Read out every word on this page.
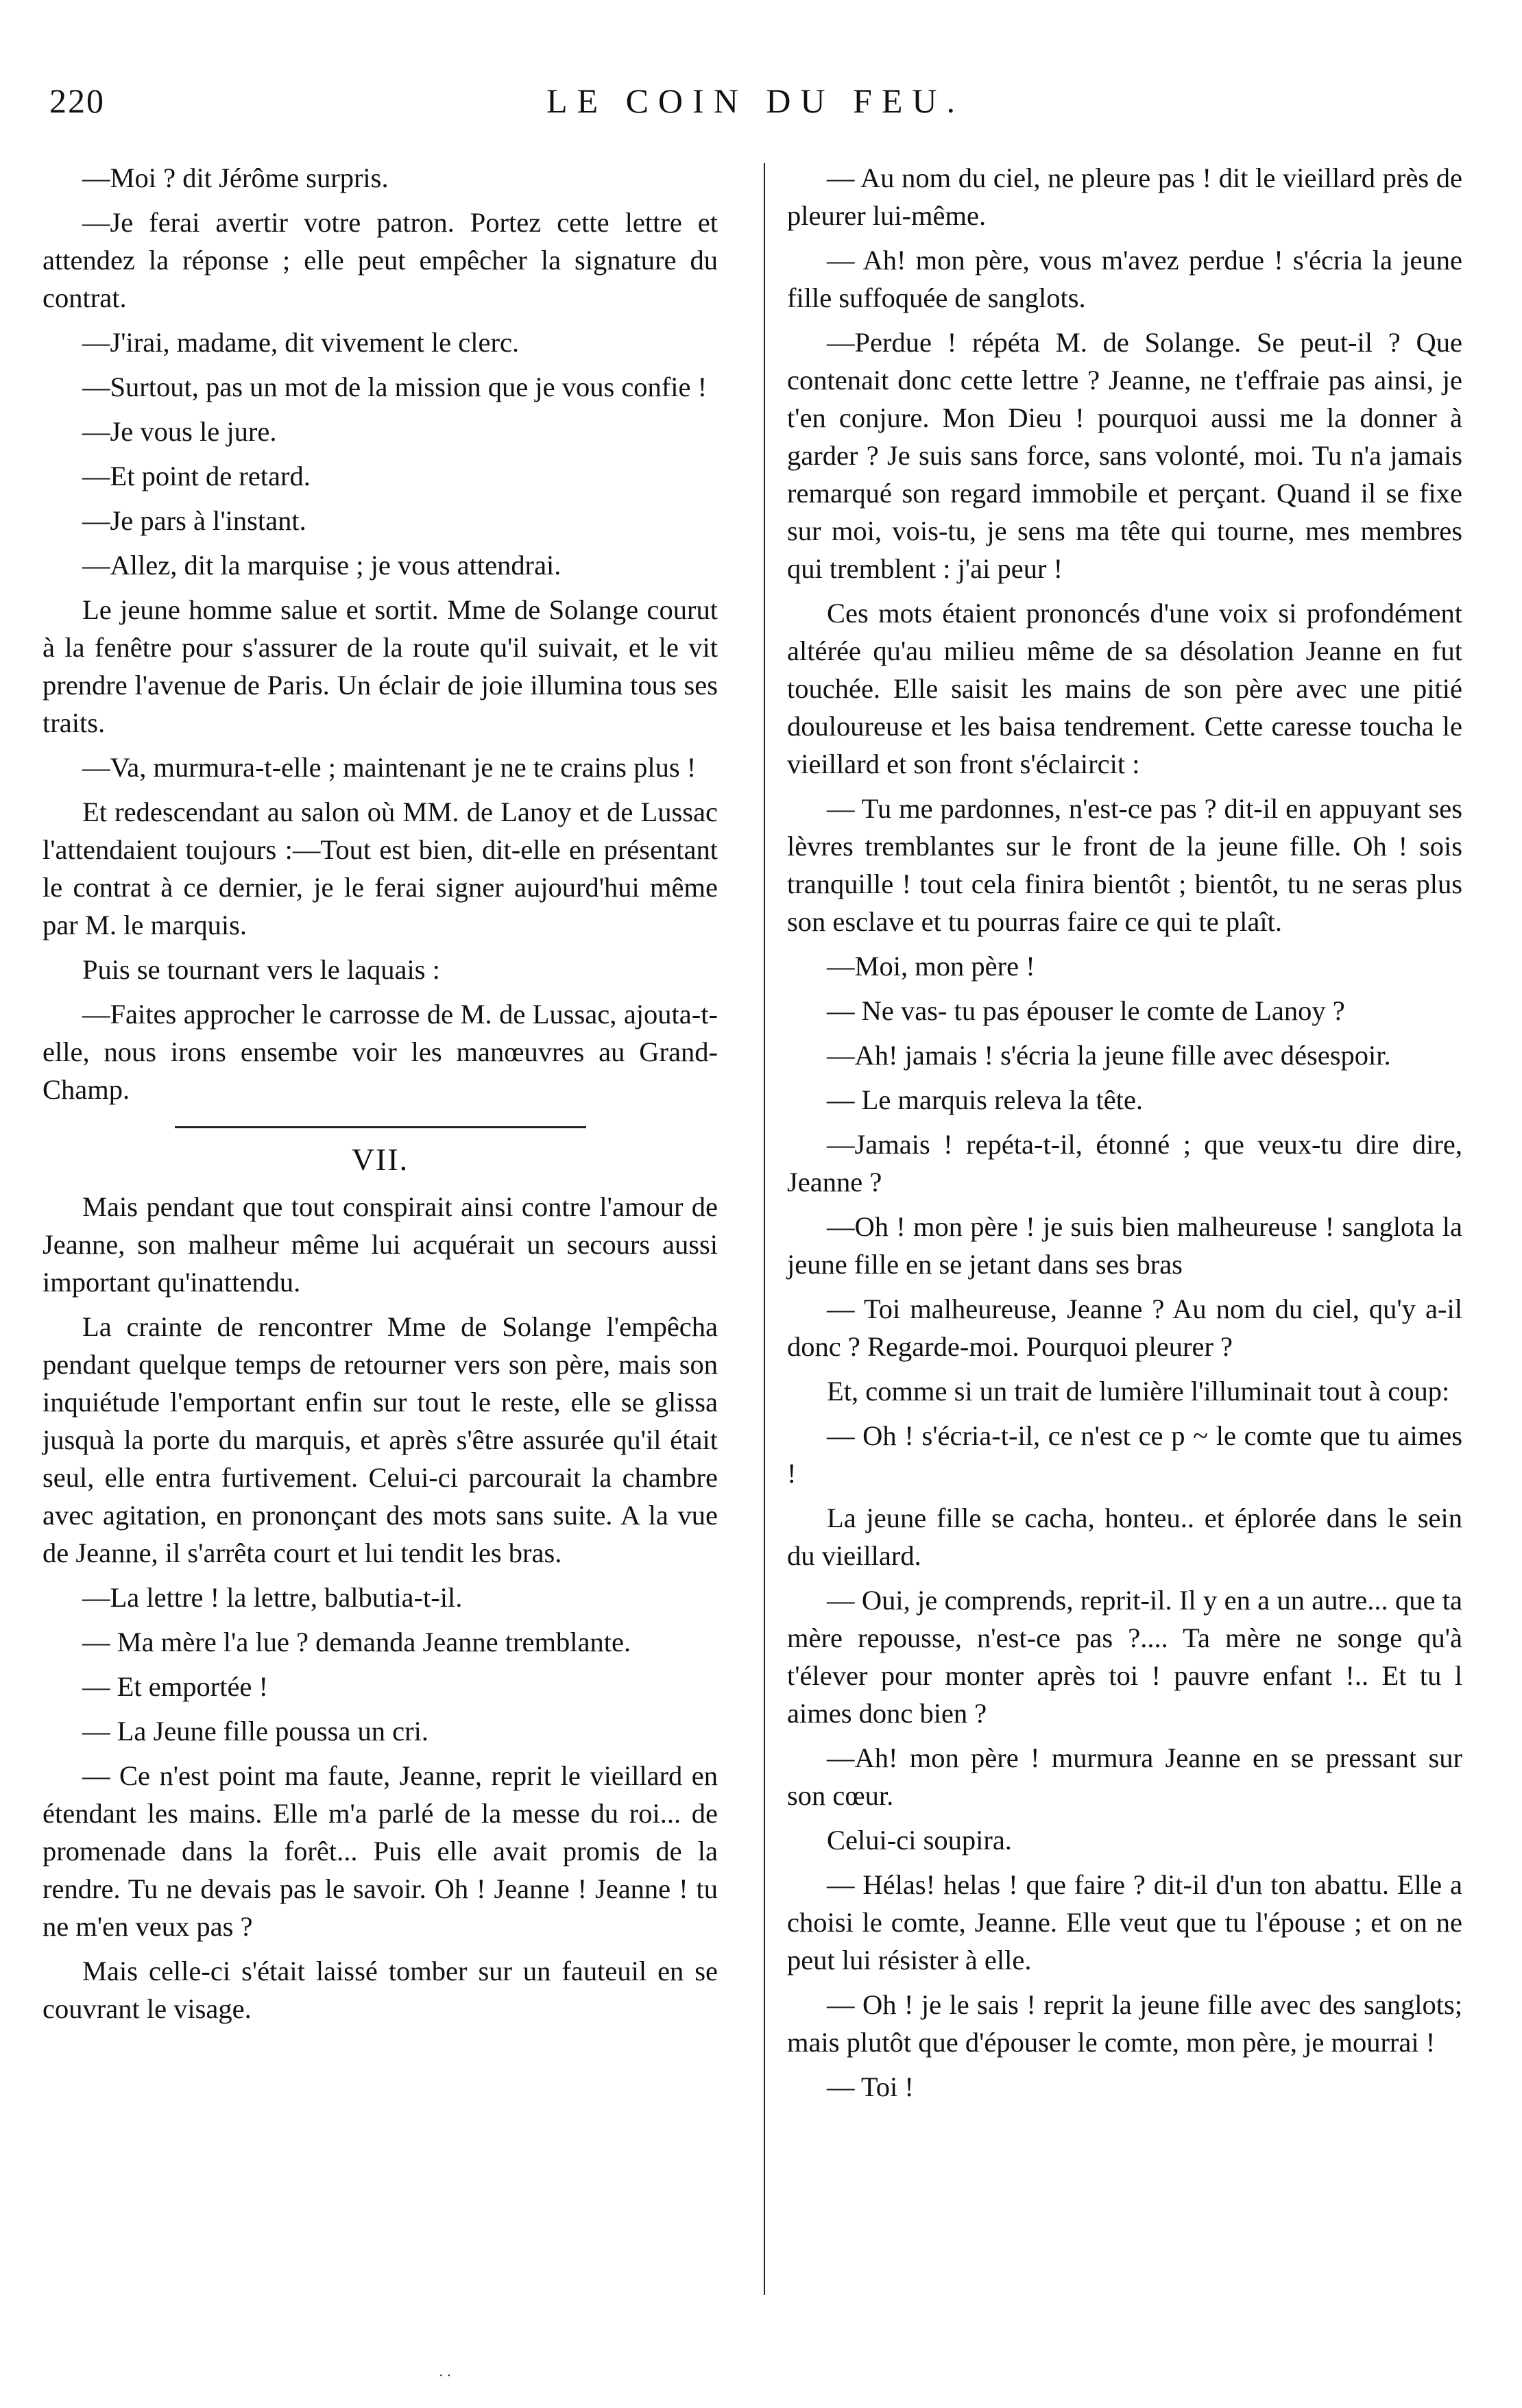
220	LE COIN DU FEU.

—Moi ? dit Jérôme surpris.

—Je ferai avertir votre patron. Portez cette lettre et attendez la réponse ; elle peut empêcher la signature du contrat.

—J'irai, madame, dit vivement le clerc.

—Surtout, pas un mot de la mission que je vous confie !

—Je vous le jure.

—Et point de retard.

—Je pars à l'instant.

—Allez, dit la marquise ; je vous attendrai.

Le jeune homme salue et sortit. Mme de Solange courut à la fenêtre pour s'assurer de la route qu'il suivait, et le vit prendre l'avenue de Paris. Un éclair de joie illumina tous ses traits.

—Va, murmura-t-elle ; maintenant je ne te crains plus !

Et redescendant au salon où MM. de Lanoy et de Lussac l'attendaient toujours :—Tout est bien, dit-elle en présentant le contrat à ce dernier, je le ferai signer aujourd'hui même par M. le marquis.

Puis se tournant vers le laquais :

—Faites approcher le carrosse de M. de Lussac, ajouta-t-elle, nous irons ensembe voir les manœuvres au Grand-Champ.

VII.

Mais pendant que tout conspirait ainsi contre l'amour de Jeanne, son malheur même lui acquérait un secours aussi important qu'inattendu.

La crainte de rencontrer Mme de Solange l'empêcha pendant quelque temps de retourner vers son père, mais son inquiétude l'emportant enfin sur tout le reste, elle se glissa jusquà la porte du marquis, et après s'être assurée qu'il était seul, elle entra furtivement. Celui-ci parcourait la chambre avec agitation, en prononçant des mots sans suite. A la vue de Jeanne, il s'arrêta court et lui tendit les bras.

—La lettre ! la lettre, balbutia-t-il.

— Ma mère l'a lue ? demanda Jeanne tremblante.

— Et emportée !

— La Jeune fille poussa un cri.

— Ce n'est point ma faute, Jeanne, reprit le vieillard en étendant les mains. Elle m'a parlé de la messe du roi... de promenade dans la forêt... Puis elle avait promis de la rendre. Tu ne devais pas le savoir. Oh ! Jeanne ! Jeanne ! tu ne m'en veux pas ?

Mais celle-ci s'était laissé tomber sur un fauteuil en se couvrant le visage.

— Au nom du ciel, ne pleure pas ! dit le vieillard près de pleurer lui-même.

— Ah! mon père, vous m'avez perdue ! s'écria la jeune fille suffoquée de sanglots.

—Perdue ! répéta M. de Solange. Se peut-il ? Que contenait donc cette lettre ? Jeanne, ne t'effraie pas ainsi, je t'en conjure. Mon Dieu ! pourquoi aussi me la donner à garder ? Je suis sans force, sans volonté, moi. Tu n'a jamais remarqué son regard immobile et perçant. Quand il se fixe sur moi, vois-tu, je sens ma tête qui tourne, mes membres qui tremblent : j'ai peur !

Ces mots étaient prononcés d'une voix si profondément altérée qu'au milieu même de sa désolation Jeanne en fut touchée. Elle saisit les mains de son père avec une pitié douloureuse et les baisa tendrement. Cette caresse toucha le vieillard et son front s'éclaircit :

— Tu me pardonnes, n'est-ce pas ? dit-il en appuyant ses lèvres tremblantes sur le front de la jeune fille. Oh ! sois tranquille ! tout cela finira bientôt ; bientôt, tu ne seras plus son esclave et tu pourras faire ce qui te plaît.

—Moi, mon père !

— Ne vas- tu pas épouser le comte de Lanoy ?

—Ah! jamais ! s'écria la jeune fille avec désespoir.

— Le marquis releva la tête.

—Jamais ! repéta-t-il, étonné ; que veux-tu dire dire, Jeanne ?

—Oh ! mon père ! je suis bien malheureuse ! sanglota la jeune fille en se jetant dans ses bras

— Toi malheureuse, Jeanne ? Au nom du ciel, qu'y a-il donc ? Regarde-moi. Pourquoi pleurer ?

Et, comme si un trait de lumière l'illuminait tout à coup:

— Oh ! s'écria-t-il, ce n'est ce p ~ le comte que tu aimes !

La jeune fille se cacha, honteu.. et éplorée dans le sein du vieillard.

— Oui, je comprends, reprit-il. Il y en a un autre... que ta mère repousse, n'est-ce pas ?.... Ta mère ne songe qu'à t'élever pour monter après toi ! pauvre enfant !.. Et tu l aimes donc bien ?

—Ah! mon père ! murmura Jeanne en se pressant sur son cœur.

Celui-ci soupira.

— Hélas! helas ! que faire ? dit-il d'un ton abattu. Elle a choisi le comte, Jeanne. Elle veut que tu l'épouse ; et on ne peut lui résister à elle.

— Oh ! je le sais ! reprit la jeune fille avec des sanglots; mais plutôt que d'épouser le comte, mon père, je mourrai !

— Toi !

· ·
